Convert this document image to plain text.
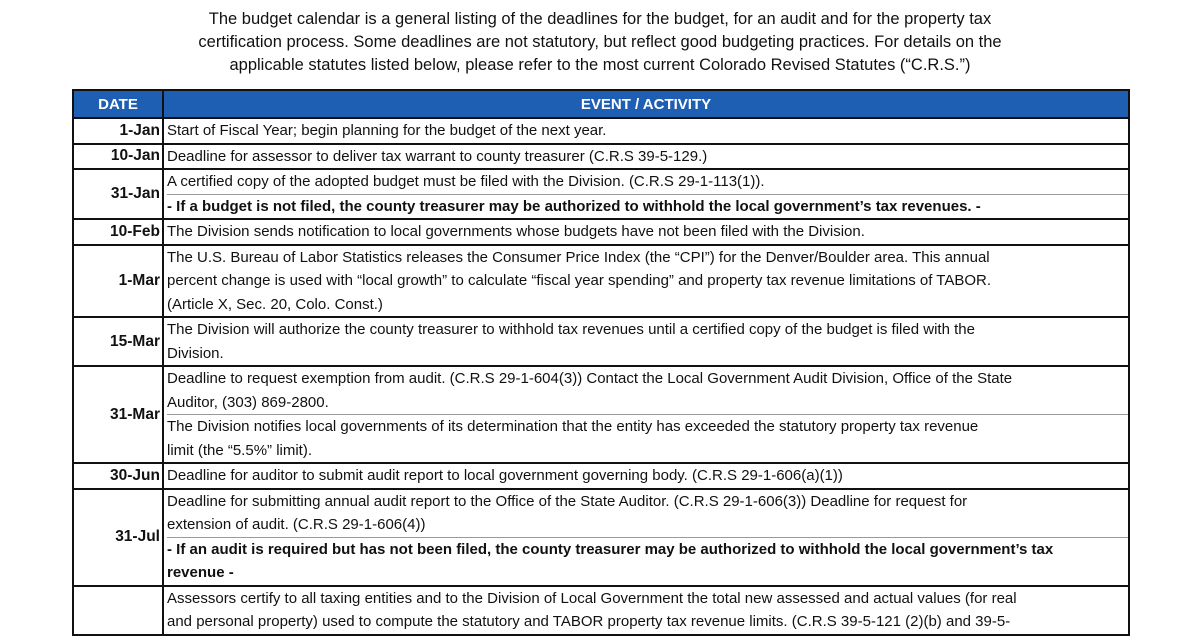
The budget calendar is a general listing of the deadlines for the budget, for an audit and for the property tax
certification process. Some deadlines are not statutory, but reflect good budgeting practices. For details on the
applicable statutes listed below, please refer to the most current Colorado Revised Statutes (“C.R.S.”)
DATE	EVENT / ACTIVITY
1-Jan	Start of Fiscal Year; begin planning for the budget of the next year.

10-Jan	Deadline for assessor to deliver tax warrant to county treasurer (C.R.S 39-5-129.)

31-Jan	A certified copy of the adopted budget must be filed with the Division. (C.R.S 29-1-113(1)).
- If a budget is not filed, the county treasurer may be authorized to withhold the local government’s tax revenues. -

10-Feb	The Division sends notification to local governments whose budgets have not been filed with the Division.

1-Mar	The U.S. Bureau of Labor Statistics releases the Consumer Price Index (the “CPI”) for the Denver/Boulder area. This annual
percent change is used with “local growth” to calculate “fiscal year spending” and property tax revenue limitations of TABOR.
(Article X, Sec. 20, Colo. Const.)

15-Mar	The Division will authorize the county treasurer to withhold tax revenues until a certified copy of the budget is filed with the
Division.

31-Mar	Deadline to request exemption from audit. (C.R.S 29-1-604(3)) Contact the Local Government Audit Division, Office of the State
Auditor, (303) 869-2800.
The Division notifies local governments of its determination that the entity has exceeded the statutory property tax revenue
limit (the “5.5%” limit).

30-Jun	Deadline for auditor to submit audit report to local government governing body. (C.R.S 29-1-606(a)(1))

31-Jul	Deadline for submitting annual audit report to the Office of the State Auditor. (C.R.S 29-1-606(3)) Deadline for request for
extension of audit. (C.R.S 29-1-606(4))
- If an audit is required but has not been filed, the county treasurer may be authorized to withhold the local government’s tax
revenue -

	Assessors certify to all taxing entities and to the Division of Local Government the total new assessed and actual values (for real
and personal property) used to compute the statutory and TABOR property tax revenue limits. (C.R.S 39-5-121 (2)(b) and 39-5-
